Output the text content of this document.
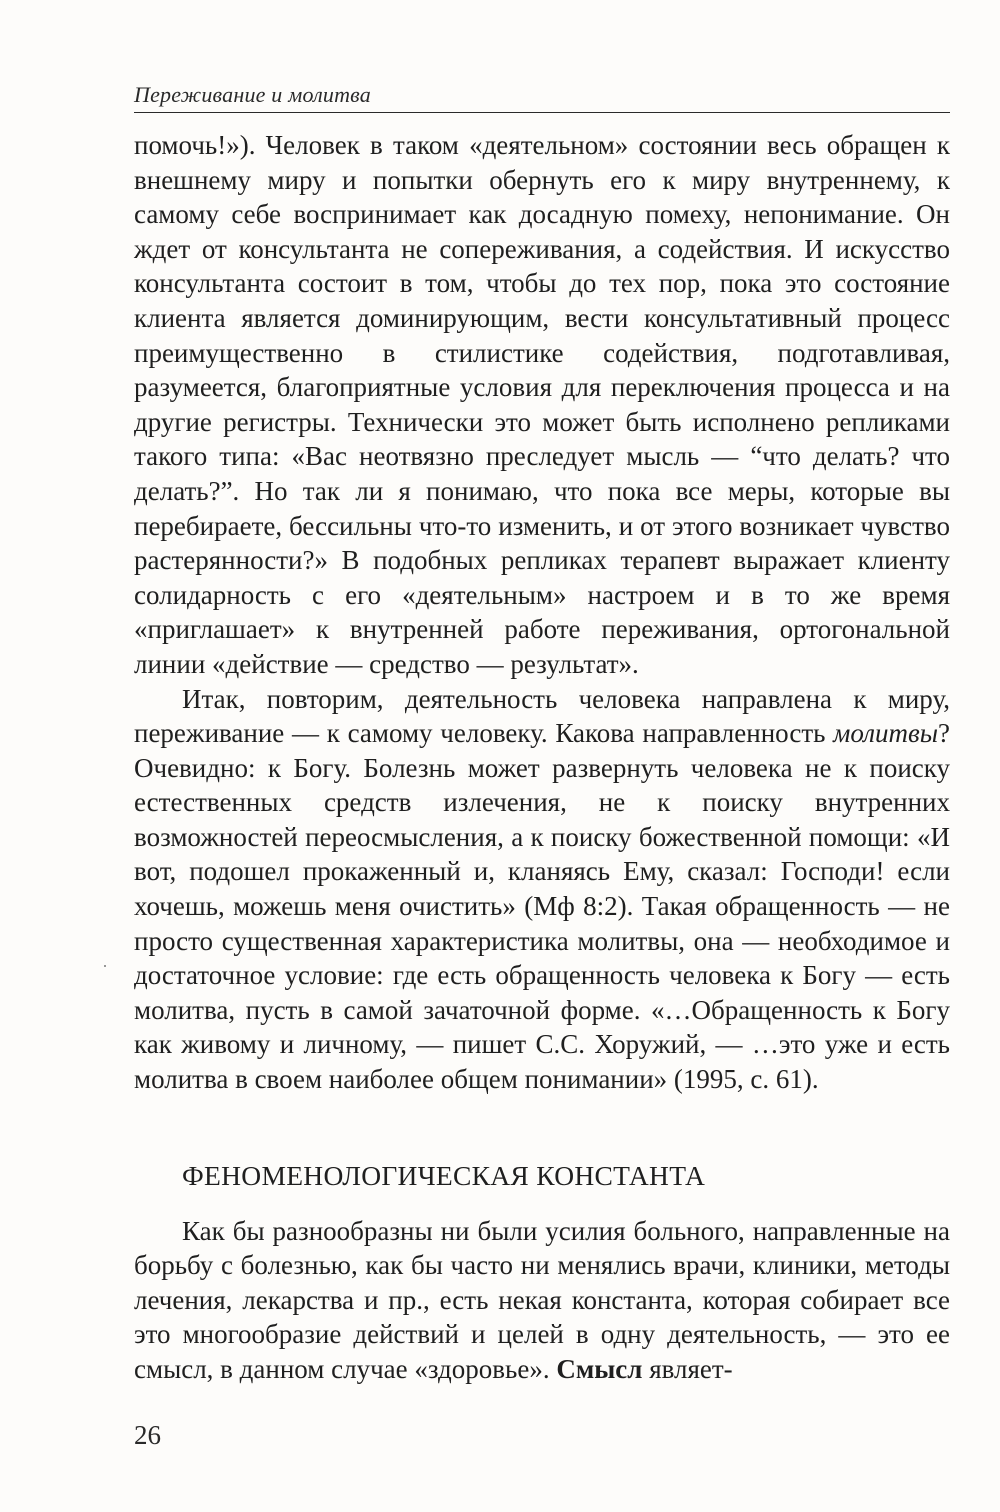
Переживание и молитва

помочь!»). Человек в таком «деятельном» состоянии весь обращен к внешнему миру и попытки обернуть его к миру внутреннему, к самому себе воспринимает как досадную помеху, непонимание. Он ждет от консультанта не сопереживания, а содействия. И искусство консультанта состоит в том, чтобы до тех пор, пока это состояние клиента является доминирующим, вести консультативный процесс преимущественно в стилистике содействия, подготавливая, разумеется, благоприятные условия для переключения процесса и на другие регистры. Технически это может быть исполнено репликами такого типа: «Вас неотвязно преследует мысль — “что делать? что делать?”. Но так ли я понимаю, что пока все меры, которые вы перебираете, бессильны что-то изменить, и от этого возникает чувство растерянности?» В подобных репликах терапевт выражает клиенту солидарность с его «деятельным» настроем и в то же время «приглашает» к внутренней работе переживания, ортогональной линии «действие — средство — результат».

Итак, повторим, деятельность человека направлена к миру, переживание — к самому человеку. Какова направленность молитвы? Очевидно: к Богу. Болезнь может развернуть человека не к поиску естественных средств излечения, не к поиску внутренних возможностей переосмысления, а к поиску божественной помощи: «И вот, подошел прокаженный и, кланяясь Ему, сказал: Господи! если хочешь, можешь меня очистить» (Мф 8:2). Такая обращенность — не просто существенная характеристика молитвы, она — необходимое и достаточное условие: где есть обращенность человека к Богу — есть молитва, пусть в самой зачаточной форме. «…Обращенность к Богу как живому и личному, — пишет С.С. Хоружий, — …это уже и есть молитва в своем наиболее общем понимании» (1995, с. 61).

ФЕНОМЕНОЛОГИЧЕСКАЯ КОНСТАНТА

Как бы разнообразны ни были усилия больного, направленные на борьбу с болезнью, как бы часто ни менялись врачи, клиники, методы лечения, лекарства и пр., есть некая константа, которая собирает все это многообразие действий и целей в одну деятельность, — это ее смысл, в данном случае «здоровье». Смысл являет-

26
